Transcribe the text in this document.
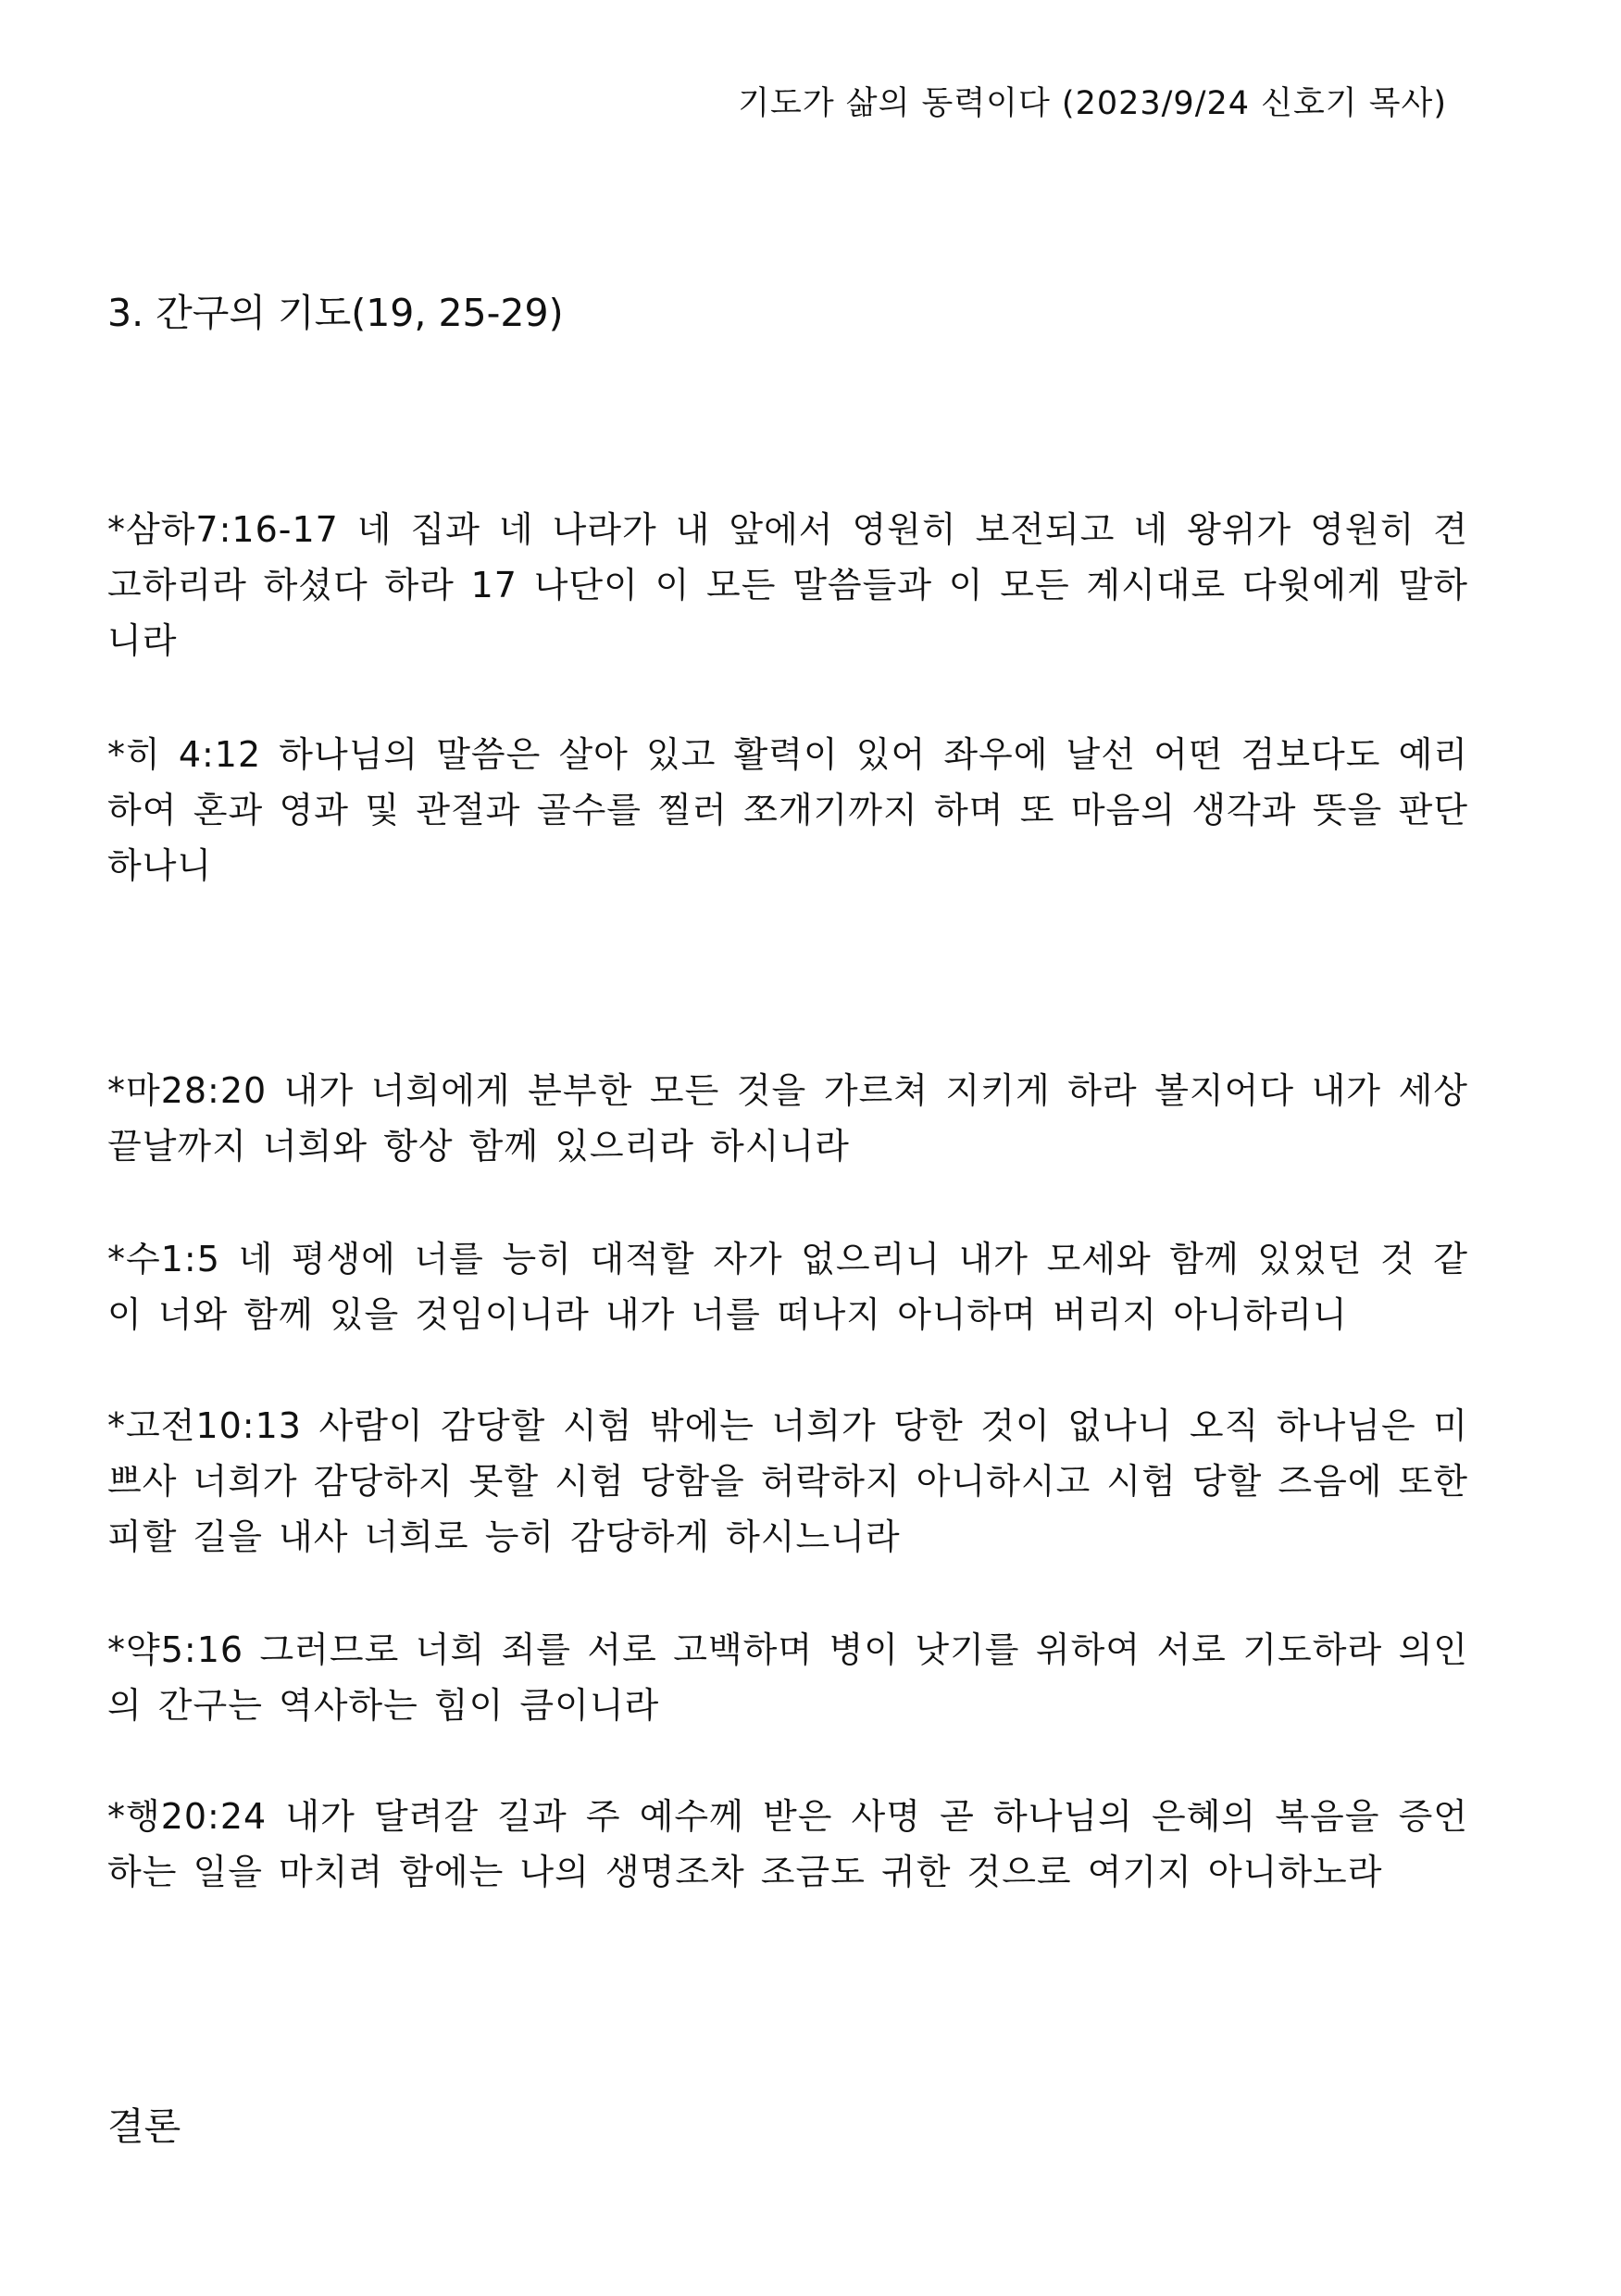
기도가 삶의 동력이다 (2023/9/24 신호기 목사)
3. 간구의 기도(19, 25-29)
*삼하7:16-17 네 집과 네 나라가 내 앞에서 영원히 보전되고 네 왕위가 영원히 견고하리라 하셨다 하라 17 나단이 이 모든 말씀들과 이 모든 계시대로 다윗에게 말하니라
*히 4:12 하나님의 말씀은 살아 있고 활력이 있어 좌우에 날선 어떤 검보다도 예리하여 혼과 영과 및 관절과 골수를 찔러 쪼개기까지 하며 또 마음의 생각과 뜻을 판단하나니
*마28:20 내가 너희에게 분부한 모든 것을 가르쳐 지키게 하라 볼지어다 내가 세상 끝날까지 너희와 항상 함께 있으리라 하시니라
*수1:5 네 평생에 너를 능히 대적할 자가 없으리니 내가 모세와 함께 있었던 것 같이 너와 함께 있을 것임이니라 내가 너를 떠나지 아니하며 버리지 아니하리니
*고전10:13 사람이 감당할 시험 밖에는 너희가 당한 것이 없나니 오직 하나님은 미쁘사 너희가 감당하지 못할 시험 당함을 허락하지 아니하시고 시험 당할 즈음에 또한 피할 길을 내사 너희로 능히 감당하게 하시느니라
*약5:16 그러므로 너희 죄를 서로 고백하며 병이 낫기를 위하여 서로 기도하라 의인의 간구는 역사하는 힘이 큼이니라
*행20:24 내가 달려갈 길과 주 예수께 받은 사명 곧 하나님의 은혜의 복음을 증언하는 일을 마치려 함에는 나의 생명조차 조금도 귀한 것으로 여기지 아니하노라
결론
